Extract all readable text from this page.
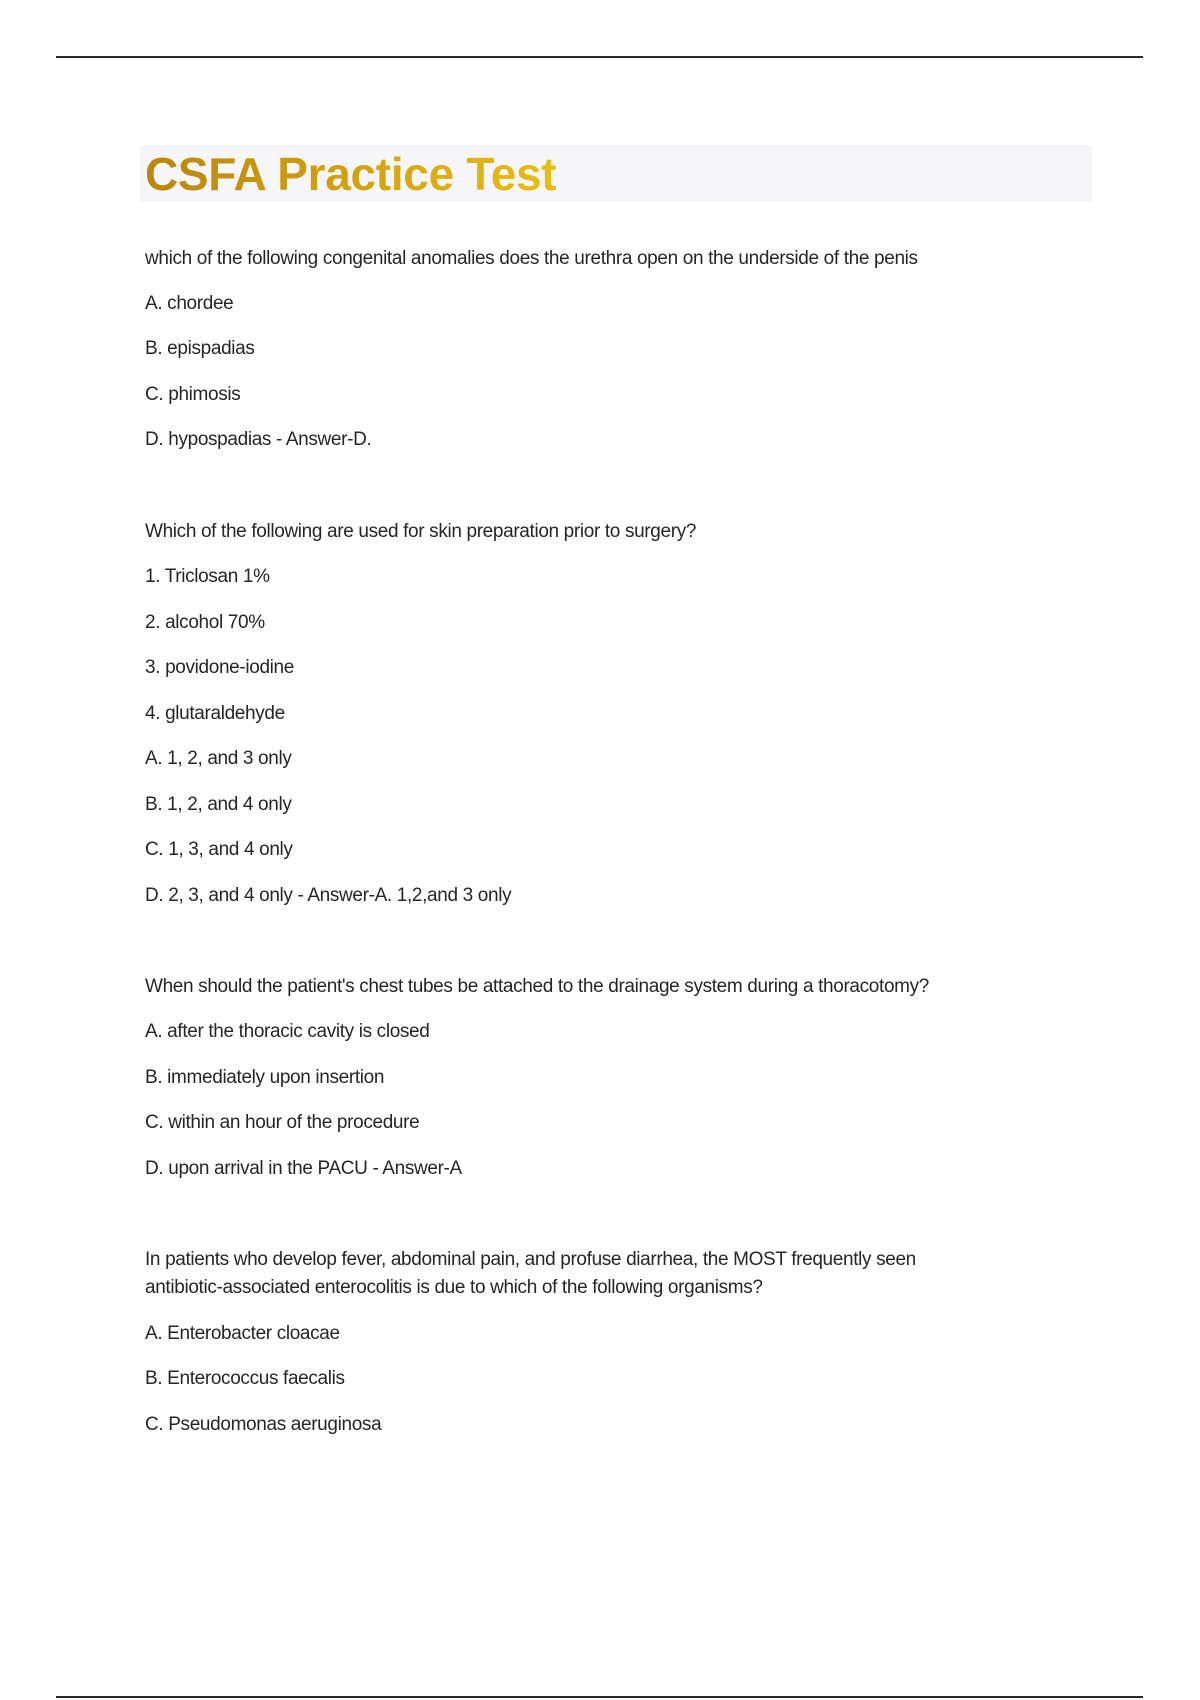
CSFA Practice Test
which of the following congenital anomalies does the urethra open on the underside of the penis
A. chordee
B. epispadias
C. phimosis
D. hypospadias - Answer-D.
Which of the following are used for skin preparation prior to surgery?
1. Triclosan 1%
2. alcohol 70%
3. povidone-iodine
4. glutaraldehyde
A. 1, 2, and 3 only
B. 1, 2, and 4 only
C. 1, 3, and 4 only
D. 2, 3, and 4 only - Answer-A. 1,2,and 3 only
When should the patient's chest tubes be attached to the drainage system during a thoracotomy?
A. after the thoracic cavity is closed
B. immediately upon insertion
C. within an hour of the procedure
D. upon arrival in the PACU - Answer-A
In patients who develop fever, abdominal pain, and profuse diarrhea, the MOST frequently seen
antibiotic-associated enterocolitis is due to which of the following organisms?
A. Enterobacter cloacae
B. Enterococcus faecalis
C. Pseudomonas aeruginosa
